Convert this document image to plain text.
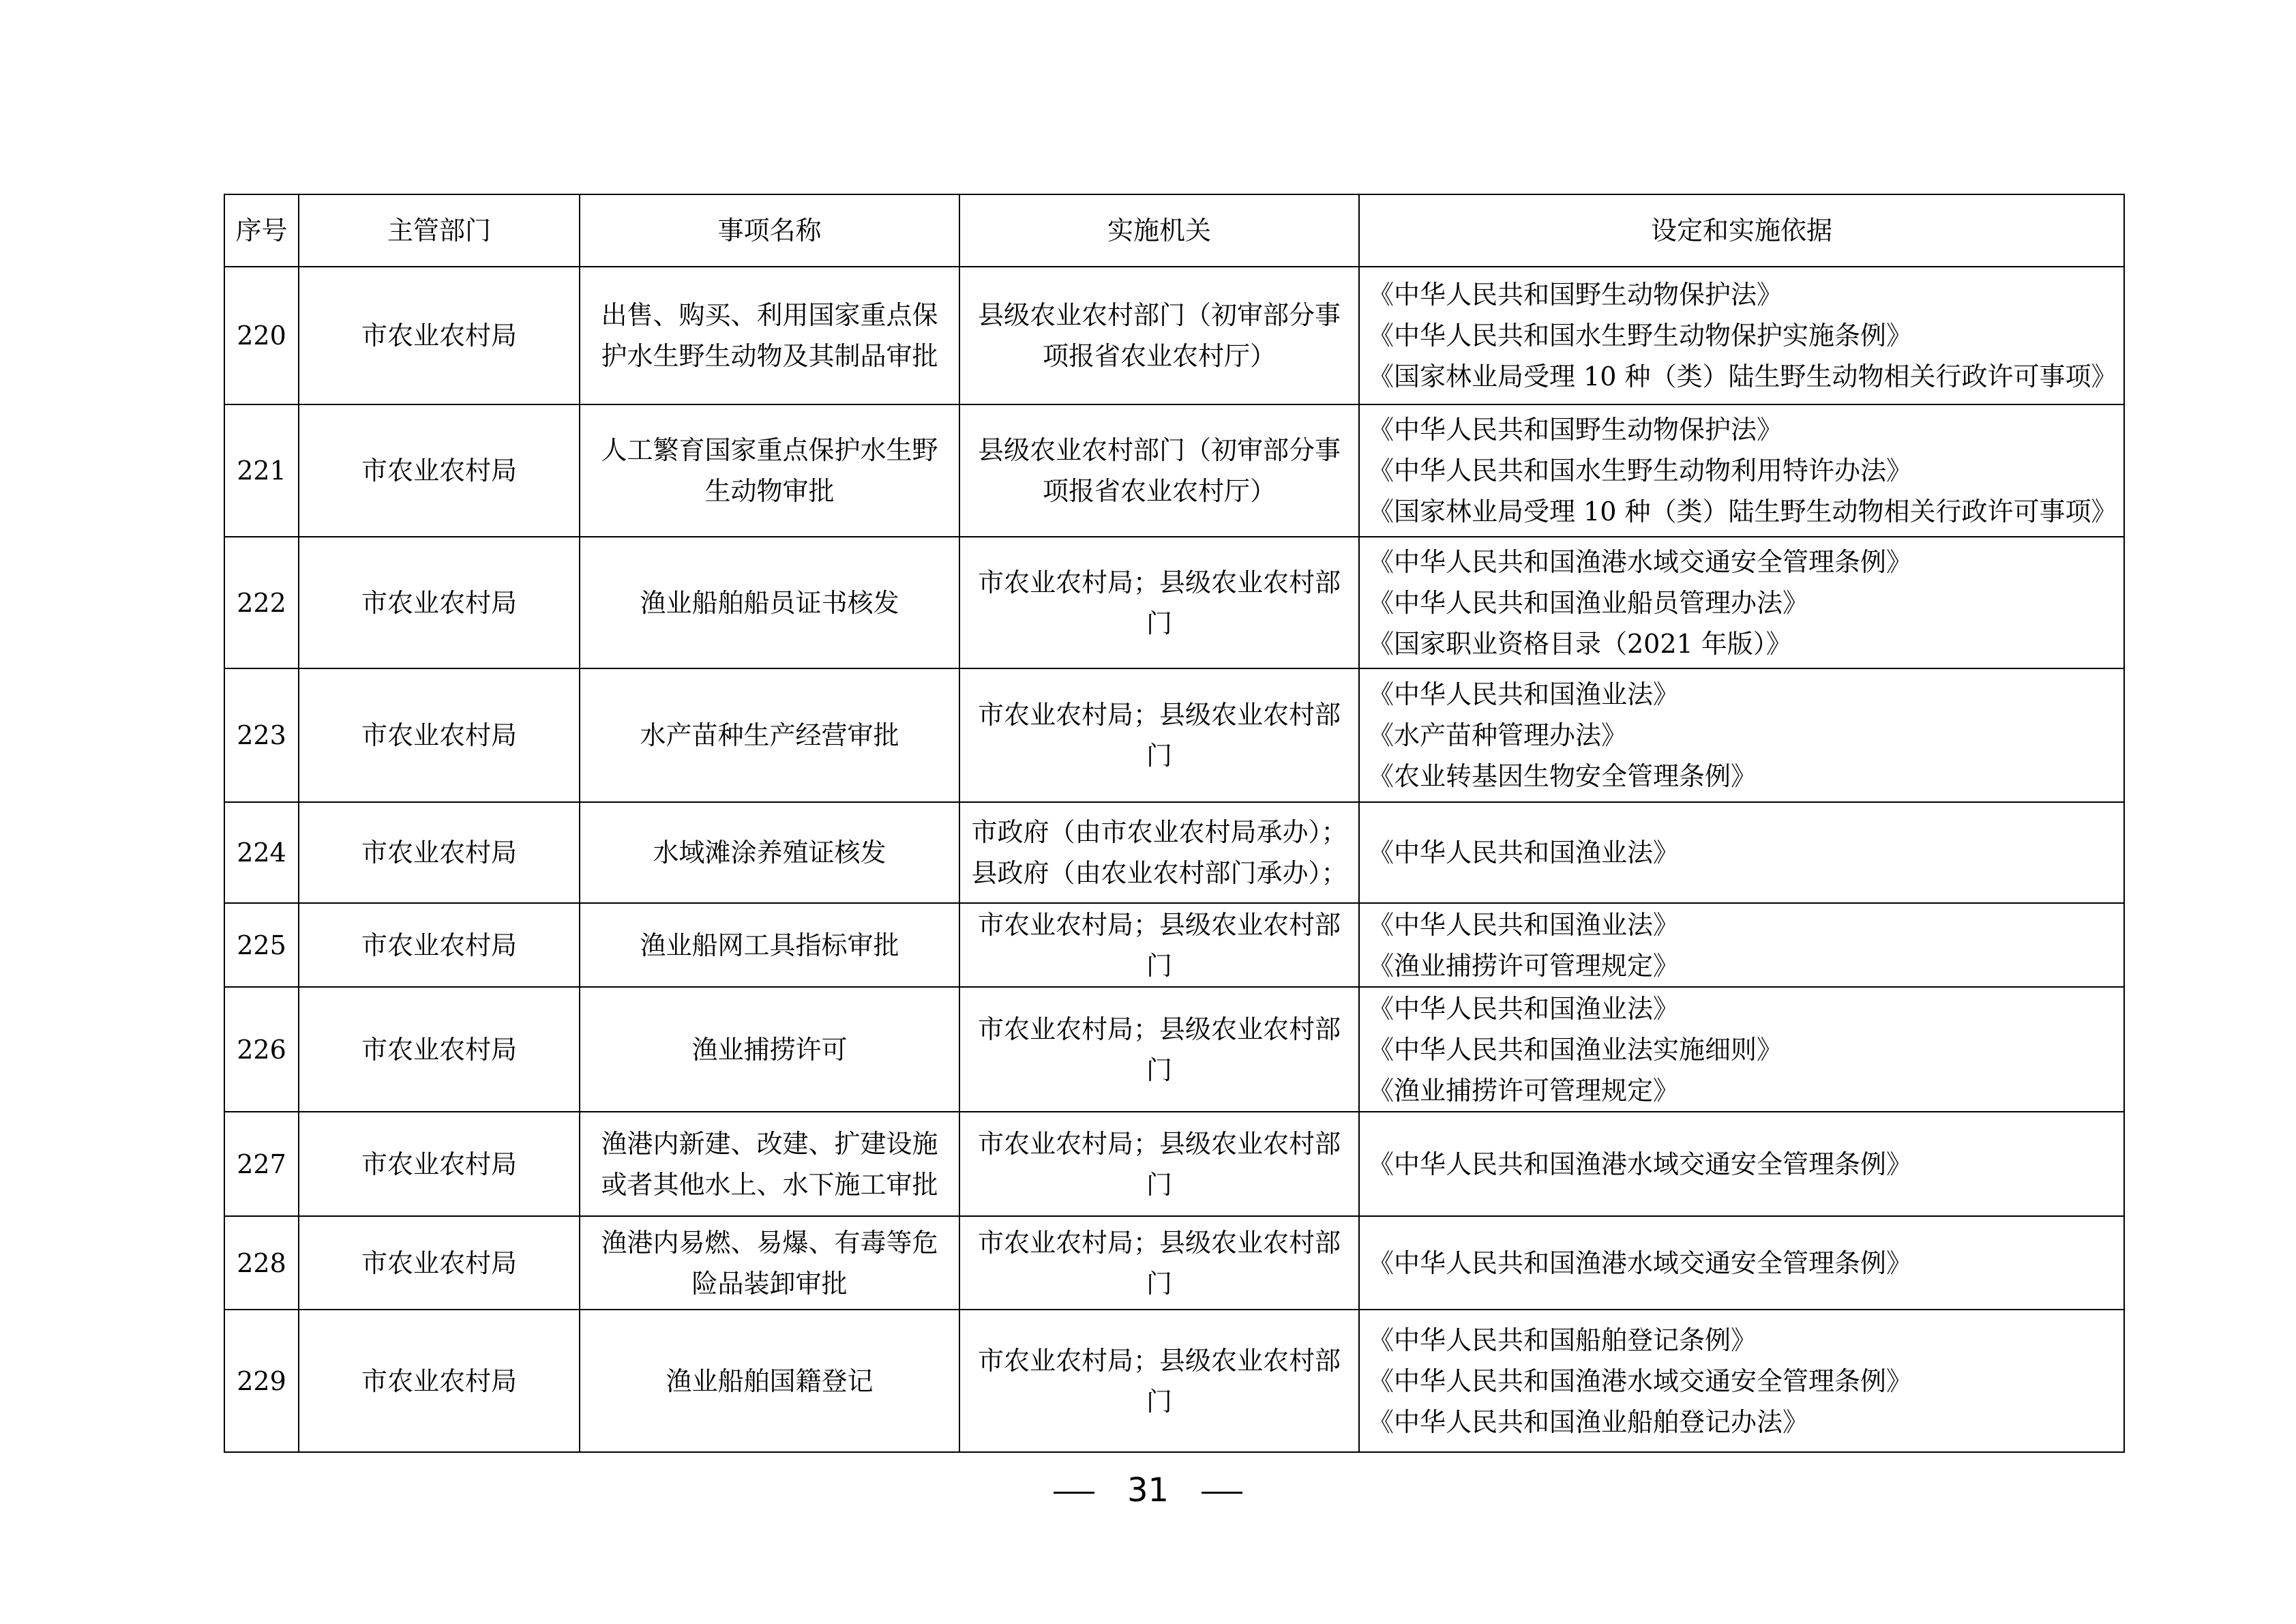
序号	主管部门	事项名称	实施机关	设定和实施依据
220	市农业农村局	出售、购买、利用国家重点保
护水生野生动物及其制品审批	县级农业农村部门（初审部分事
项报省农业农村厅）	《中华人民共和国野生动物保护法》
《中华人民共和国水生野生动物保护实施条例》
《国家林业局受理 10 种（类）陆生野生动物相关行政许可事项》

221	市农业农村局	人工繁育国家重点保护水生野
生动物审批	县级农业农村部门（初审部分事
项报省农业农村厅）	《中华人民共和国野生动物保护法》
《中华人民共和国水生野生动物利用特许办法》
《国家林业局受理 10 种（类）陆生野生动物相关行政许可事项》

222	市农业农村局	渔业船舶船员证书核发	市农业农村局；县级农业农村部门	《中华人民共和国渔港水域交通安全管理条例》
《中华人民共和国渔业船员管理办法》
《国家职业资格目录（2021 年版）》

223	市农业农村局	水产苗种生产经营审批	市农业农村局；县级农业农村部门	《中华人民共和国渔业法》
《水产苗种管理办法》
《农业转基因生物安全管理条例》

224	市农业农村局	水域滩涂养殖证核发	市政府（由市农业农村局承办）；
县政府（由农业农村部门承办）；	《中华人民共和国渔业法》

225	市农业农村局	渔业船网工具指标审批	市农业农村局；县级农业农村部门	《中华人民共和国渔业法》
《渔业捕捞许可管理规定》

226	市农业农村局	渔业捕捞许可	市农业农村局；县级农业农村部门	《中华人民共和国渔业法》
《中华人民共和国渔业法实施细则》
《渔业捕捞许可管理规定》

227	市农业农村局	渔港内新建、改建、扩建设施
或者其他水上、水下施工审批	市农业农村局；县级农业农村部门	《中华人民共和国渔港水域交通安全管理条例》

228	市农业农村局	渔港内易燃、易爆、有毒等危
险品装卸审批	市农业农村局；县级农业农村部门	《中华人民共和国渔港水域交通安全管理条例》

229	市农业农村局	渔业船舶国籍登记	市农业农村局；县级农业农村部门	《中华人民共和国船舶登记条例》
《中华人民共和国渔港水域交通安全管理条例》
《中华人民共和国渔业船舶登记办法》
31
